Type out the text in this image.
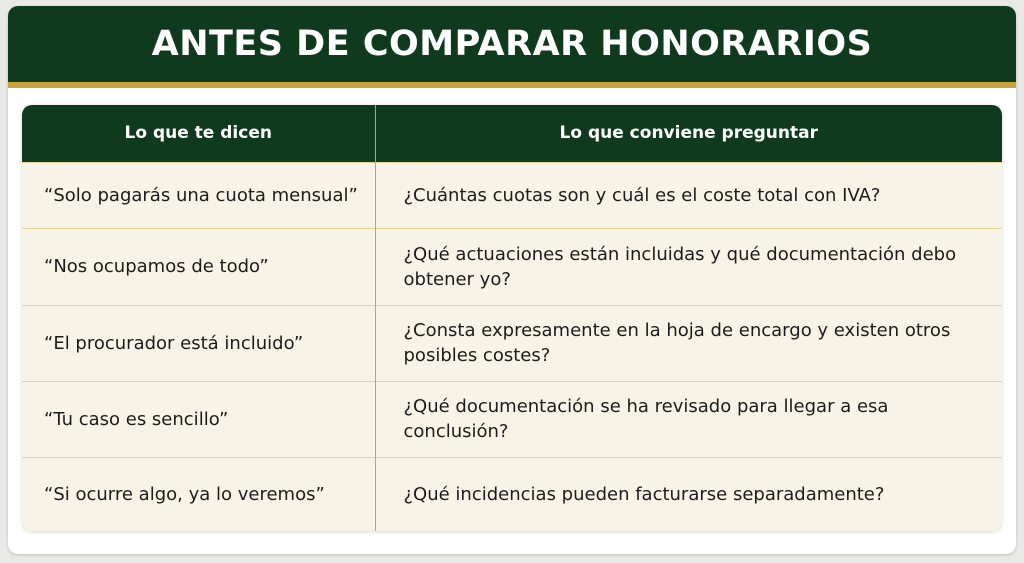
ANTES DE COMPARAR HONORARIOS
Lo que te dicen	Lo que conviene preguntar
“Solo pagarás una cuota mensual”	¿Cuántas cuotas son y cuál es el coste total con IVA?
“Nos ocupamos de todo”	¿Qué actuaciones están incluidas y qué documentación debo obtener yo?
“El procurador está incluido”	¿Consta expresamente en la hoja de encargo y existen otros posibles costes?
“Tu caso es sencillo”	¿Qué documentación se ha revisado para llegar a esa conclusión?
“Si ocurre algo, ya lo veremos”	¿Qué incidencias pueden facturarse separadamente?
